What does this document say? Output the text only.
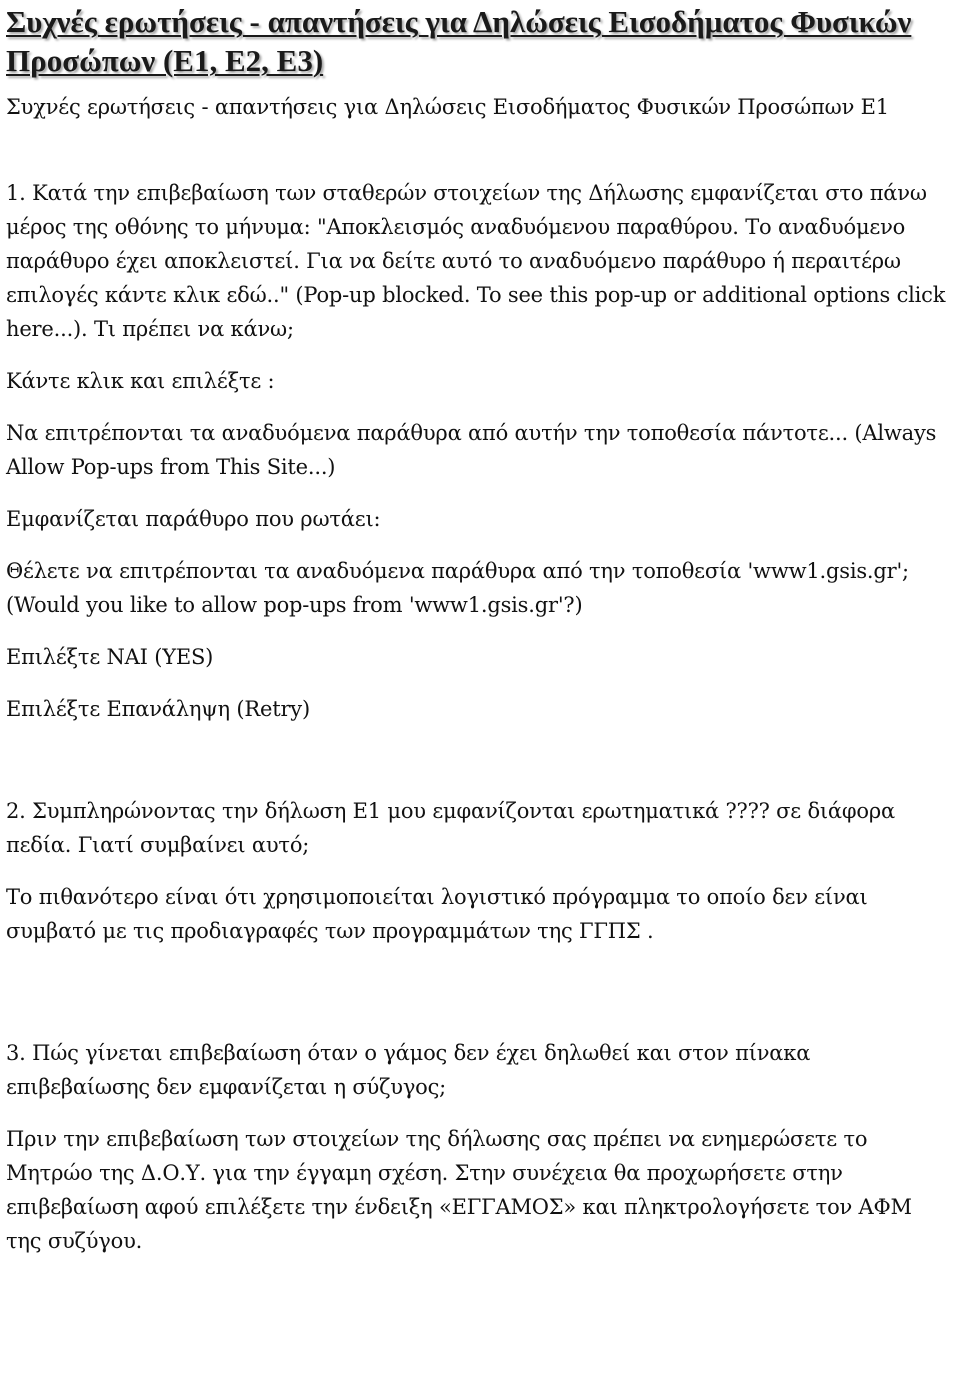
Συχνές ερωτήσεις - απαντήσεις για Δηλώσεις Εισοδήματος Φυσικών Προσώπων (Ε1, Ε2, Ε3)

Συχνές ερωτήσεις - απαντήσεις για Δηλώσεις Εισοδήματος Φυσικών Προσώπων Ε1

1. Κατά την επιβεβαίωση των σταθερών στοιχείων της Δήλωσης εμφανίζεται στο πάνω μέρος της οθόνης το μήνυμα: "Αποκλεισμός αναδυόμενου παραθύρου. Το αναδυόμενο παράθυρο έχει αποκλειστεί. Για να δείτε αυτό το αναδυόμενο παράθυρο ή περαιτέρω επιλογές κάντε κλικ εδώ.." (Pop-up blocked. To see this pop-up or additional options click here...). Τι πρέπει να κάνω;

Κάντε κλικ και επιλέξτε :

Να επιτρέπονται τα αναδυόμενα παράθυρα από αυτήν την τοποθεσία πάντοτε... (Always Allow Pop-ups from This Site...)

Εμφανίζεται παράθυρο που ρωτάει:

Θέλετε να επιτρέπονται τα αναδυόμενα παράθυρα από την τοποθεσία 'www1.gsis.gr'; (Would you like to allow pop-ups from 'www1.gsis.gr'?)

Επιλέξτε ΝΑΙ (YES)

Επιλέξτε Επανάληψη (Retry)

2. Συμπληρώνοντας την δήλωση Ε1 μου εμφανίζονται ερωτηματικά ???? σε διάφορα πεδία. Γιατί συμβαίνει αυτό;

Το πιθανότερο είναι ότι χρησιμοποιείται λογιστικό πρόγραμμα το οποίο δεν είναι συμβατό με τις προδιαγραφές των προγραμμάτων της ΓΓΠΣ .

3. Πώς γίνεται επιβεβαίωση όταν ο γάμος δεν έχει δηλωθεί και στον πίνακα επιβεβαίωσης δεν εμφανίζεται η σύζυγος;

Πριν την επιβεβαίωση των στοιχείων της δήλωσης σας πρέπει να ενημερώσετε το Μητρώο της Δ.Ο.Υ. για την έγγαμη σχέση. Στην συνέχεια θα προχωρήσετε στην επιβεβαίωση αφού επιλέξετε την ένδειξη «ΕΓΓΑΜΟΣ» και πληκτρολογήσετε τον ΑΦΜ της συζύγου.
